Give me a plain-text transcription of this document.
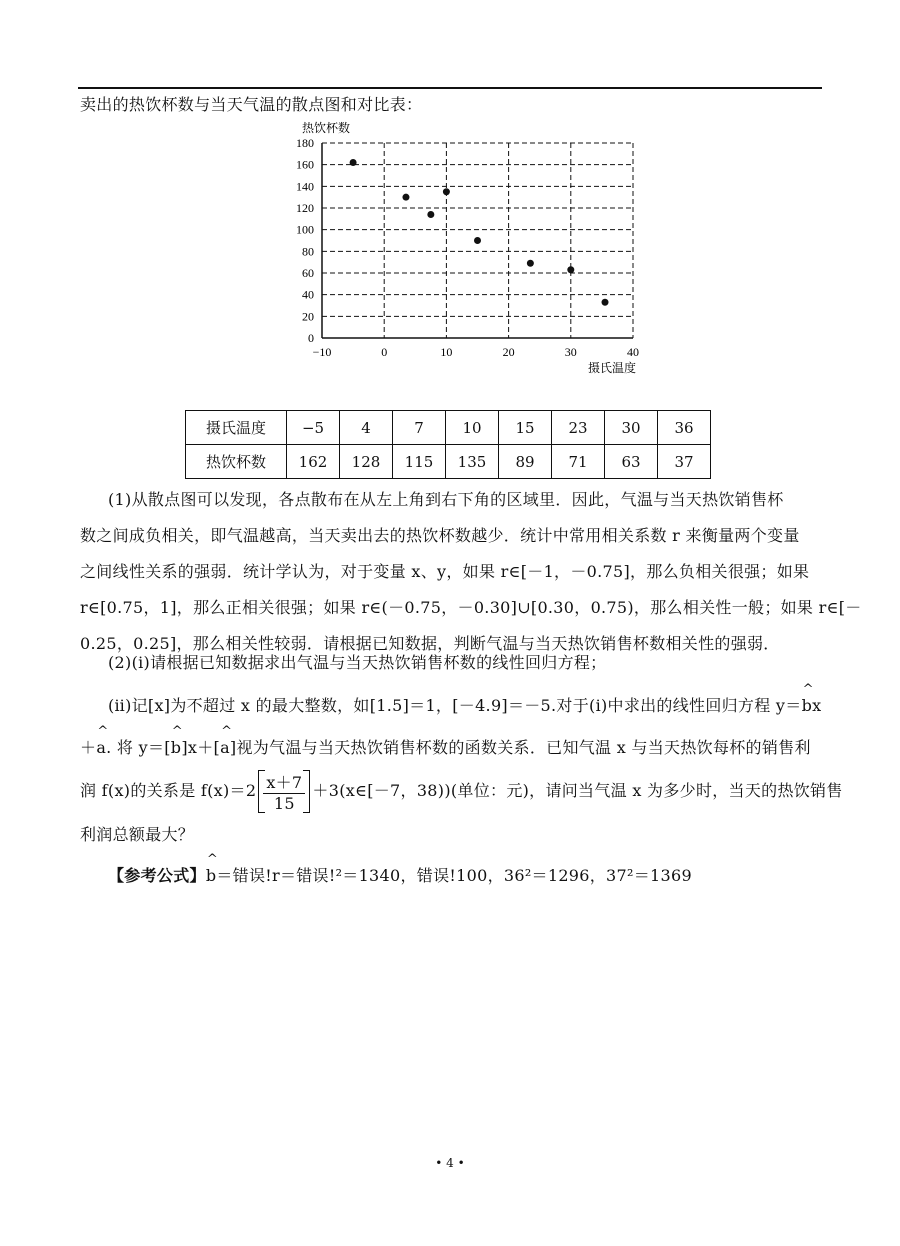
卖出的热饮杯数与当天气温的散点图和对比表：
0
20
40
60
80
100
120
140
160
180
−10	0	10	20	30	40
热饮杯数
摄氏温度
摄氏温度	−5	4	7	10	15	23	30	36
热饮杯数	162	128	115	135	89	71	63	37
(1)从散点图可以发现，各点散布在从左上角到右下角的区域里．因此，气温与当天热饮销售杯
数之间成负相关，即气温越高，当天卖出去的热饮杯数越少．统计中常用相关系数 r 来衡量两个变量
之间线性关系的强弱．统计学认为，对于变量 x、y，如果 r∈[－1，－0.75]，那么负相关很强；如果
r∈[0.75，1]，那么正相关很强；如果 r∈(－0.75，－0.30]∪[0.30，0.75)，那么相关性一般；如果 r∈[－
0.25，0.25]，那么相关性较弱．请根据已知数据，判断气温与当天热饮销售杯数相关性的强弱．
(2)(ⅰ)请根据已知数据求出气温与当天热饮销售杯数的线性回归方程；
(ⅱ)记[x]为不超过 x 的最大整数，如[1.5]＝1，[－4.9]＝－5.对于(ⅰ)中求出的线性回归方程 y＝^ bx
＋^ a. 将 y＝[^ b]x＋[^ a]视为气温与当天热饮销售杯数的函数关系．已知气温 x 与当天热饮每杯的销售利
润 f(x)的关系是 $f(x)=2 \frac{x+7}{15}$ ＋3(x∈[－7，38))(单位：元)，请问当气温 x 为多少时，当天的热饮销售
利润总额最大？
【参考公式】^ b＝错误!r＝错误!²＝1340，错误!100，36²＝1296，37²＝1369
• 4 •
